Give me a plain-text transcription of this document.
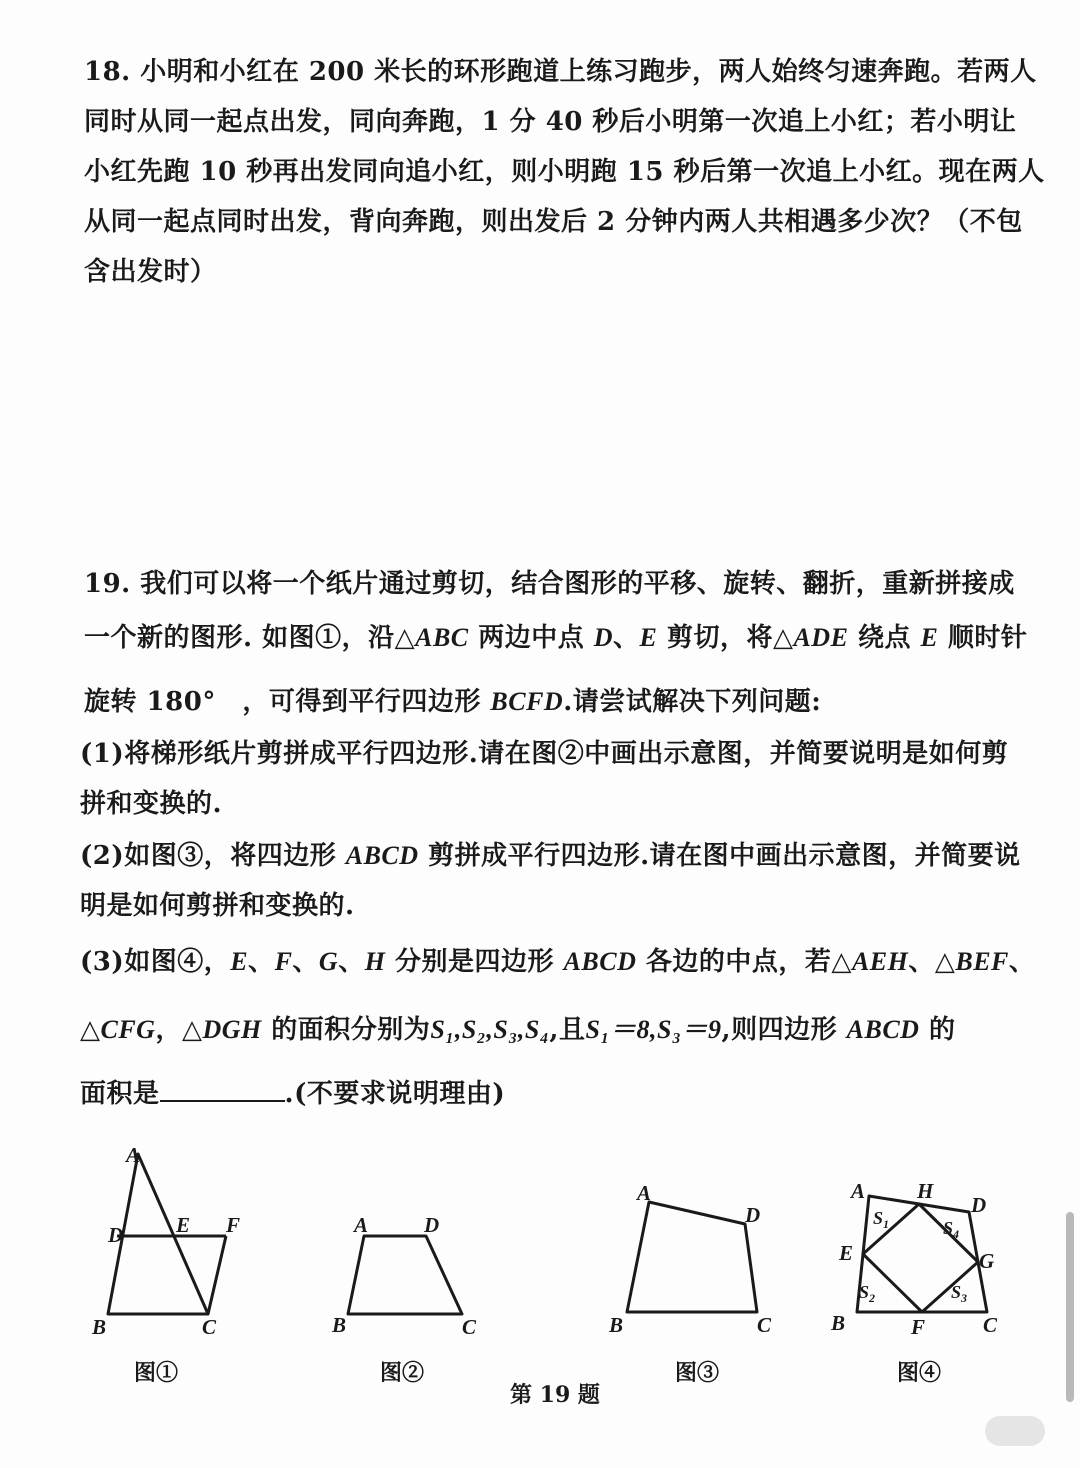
18. 小明和小红在 200 米长的环形跑道上练习跑步，两人始终匀速奔跑。若两人
同时从同一起点出发，同向奔跑，1 分 40 秒后小明第一次追上小红；若小明让
小红先跑 10 秒再出发同向追小红，则小明跑 15 秒后第一次追上小红。现在两人
从同一起点同时出发，背向奔跑，则出发后 2 分钟内两人共相遇多少次？（不包
含出发时）
19. 我们可以将一个纸片通过剪切，结合图形的平移、旋转、翻折，重新拼接成
一个新的图形. 如图①，沿△ABC 两边中点 D、E 剪切，将△ADE 绕点 E 顺时针
旋转 180°　，可得到平行四边形 BCFD.请尝试解决下列问题:
(1)将梯形纸片剪拼成平行四边形.请在图②中画出示意图，并简要说明是如何剪
拼和变换的.
(2)如图③，将四边形 ABCD 剪拼成平行四边形.请在图中画出示意图，并简要说
明是如何剪拼和变换的.
(3)如图④，E、F、G、H 分别是四边形 ABCD 各边的中点，若△AEH、△BEF、
△CFG，△DGH 的面积分别为S₁,S₂,S₃,S₄,且S₁＝8,S₃＝9,则四边形 ABCD 的
面积是	.(不要求说明理由)
A
D	E F
B	C
图①
A	D
B	C
图②
A
D
B	C
图③
A H
D
E	G
B	F	C
$S_1$	$S_4$
$S_2$	$S_3$
图④
第 19 题
